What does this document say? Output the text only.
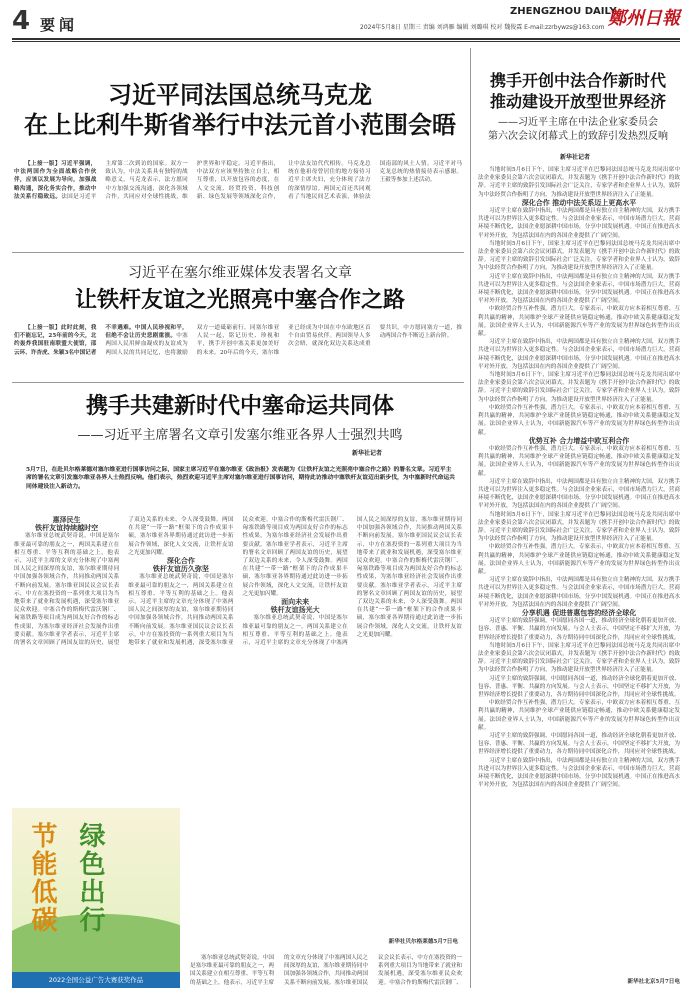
4 要闻
ZHENGZHOU DAILY
鄭州日報
2024年5月8日 星期三 责编 刘鸿雁 编辑 刘璐琪 校对 魏俊霖 E-mail:zzrbywzs@163.com
习近平同法国总统马克龙
在上比利牛斯省举行中法元首小范围会晤

【上接一版】习近平强调，中法两国作为全面战略合作伙伴，应该以发展为导向，加强战略沟通，深化务实合作，推动中法关系行稳致远。法国是习近平主席第二次到访的国家。双方一致认为，中法关系具有独特的战略意义。马克龙表示，法方愿同中方加强交流沟通，深化各领域合作，共同应对全球性挑战，维护世界和平稳定。习近平指出，中法双方应该坚持独立自主，相互尊重，以开放包容的态度，在人文交流、经贸投资、科技创新、绿色发展等领域深化合作，让中法友谊代代相传。马克龙总统在他祖母曾居住的地方接待习近平主席夫妇，充分体现了法方的深情厚谊。两国元首还共同观看了当地民间艺术表演，体验法国南部的风土人情。习近平对马克龙总统的热情接待表示感谢。王毅等参加上述活动。

习近平在塞尔维亚媒体发表署名文章
让铁杆友谊之光照亮中塞合作之路

【上接一版】此时此刻，我们不能忘记，25年前的今天，北约轰炸我国驻南联盟大使馆，邵云环、许杏虎、朱颖3名中国记者不幸遇难。中国人民珍视和平，但绝不会让历史悲剧重演。中塞两国人民用鲜血凝成的友谊成为两国人民的共同记忆，也将激励双方一道砥砺前行。同塞尔维亚人民一起，铭记历史、珍视和平，携手开创中塞关系更加美好的未来。20年后的今天，塞尔维亚已经成为中国在中东欧地区首个自由贸易伙伴。两国领导人多次会晤，就深化双边关系达成重要共识。中方愿同塞方一道，推动两国合作不断迈上新台阶。

携手共建新时代中塞命运共同体
——习近平主席署名文章引发塞尔维亚各界人士强烈共鸣
新华社记者
5月7日，在赴贝尔格莱德对塞尔维亚进行国事访问之际，国家主席习近平在塞尔维亚《政治报》发表题为《让铁杆友谊之光照亮中塞合作之路》的署名文章。习近平主席的署名文章引发塞尔维亚各界人士热烈反响。他们表示，热烈欢迎习近平主席对塞尔维亚进行国事访问，期待此访推动中塞铁杆友谊迈出新步伐，为中塞新时代命运共同体建设注入新动力。

惠泽民生
铁杆友谊持续越时空

塞尔维亚总统武契奇说，中国是塞尔维亚最可靠的朋友之一，两国关系建立在相互尊重、平等互利的基础之上。他表示，习近平主席的文章充分体现了中塞两国人民之间深厚的友谊，塞尔维亚期待同中国加强各领域合作，共同推动两国关系不断向前发展。塞尔维亚国民议会议长表示，中方在塞投资的一系列重大项目为当地带来了就业和发展机遇，深受塞尔维亚民众欢迎。中塞合作的斯梅代雷沃钢厂、匈塞铁路等项目成为两国友好合作的标志性成果，为塞尔维亚经济社会发展作出重要贡献。塞尔维亚学者表示，习近平主席的署名文章回顾了两国友谊的历史，展望了双边关系的未来，令人深受鼓舞。两国在共建“一带一路”框架下的合作成果丰硕，塞尔维亚各界期待通过此访进一步拓展合作领域，深化人文交流，让铁杆友谊之光更加闪耀。

深化合作
铁杆友谊历久弥坚

塞尔维亚总统武契奇说，中国是塞尔维亚最可靠的朋友之一，两国关系建立在相互尊重、平等互利的基础之上。他表示，习近平主席的文章充分体现了中塞两国人民之间深厚的友谊，塞尔维亚期待同中国加强各领域合作，共同推动两国关系不断向前发展。塞尔维亚国民议会议长表示，中方在塞投资的一系列重大项目为当地带来了就业和发展机遇，深受塞尔维亚民众欢迎。中塞合作的斯梅代雷沃钢厂、匈塞铁路等项目成为两国友好合作的标志性成果，为塞尔维亚经济社会发展作出重要贡献。塞尔维亚学者表示，习近平主席的署名文章回顾了两国友谊的历史，展望了双边关系的未来，令人深受鼓舞。两国在共建“一带一路”框架下的合作成果丰硕，塞尔维亚各界期待通过此访进一步拓展合作领域，深化人文交流，让铁杆友谊之光更加闪耀。

面向未来
铁杆友谊扬光大

塞尔维亚总统武契奇说，中国是塞尔维亚最可靠的朋友之一，两国关系建立在相互尊重、平等互利的基础之上。他表示，习近平主席的文章充分体现了中塞两国人民之间深厚的友谊，塞尔维亚期待同中国加强各领域合作，共同推动两国关系不断向前发展。塞尔维亚国民议会议长表示，中方在塞投资的一系列重大项目为当地带来了就业和发展机遇，深受塞尔维亚民众欢迎。中塞合作的斯梅代雷沃钢厂、匈塞铁路等项目成为两国友好合作的标志性成果，为塞尔维亚经济社会发展作出重要贡献。塞尔维亚学者表示，习近平主席的署名文章回顾了两国友谊的历史，展望了双边关系的未来，令人深受鼓舞。两国在共建“一带一路”框架下的合作成果丰硕，塞尔维亚各界期待通过此访进一步拓展合作领域，深化人文交流，让铁杆友谊之光更加闪耀。

新华社贝尔格莱德5月7日电

塞尔维亚总统武契奇说，中国是塞尔维亚最可靠的朋友之一，两国关系建立在相互尊重、平等互利的基础之上。他表示，习近平主席的文章充分体现了中塞两国人民之间深厚的友谊，塞尔维亚期待同中国加强各领域合作，共同推动两国关系不断向前发展。塞尔维亚国民议会议长表示，中方在塞投资的一系列重大项目为当地带来了就业和发展机遇，深受塞尔维亚民众欢迎。中塞合作的斯梅代雷沃钢厂、

节能低碳 绿色出行
2022全国公益广告大赛获奖作品
携手开创中法合作新时代
推动建设开放型世界经济
——习近平主席在中法企业家委员会
第六次会议闭幕式上的致辞引发热烈反响
新华社记者

当地时间5月6日下午，国家主席习近平在巴黎同法国总统马克龙共同出席中法企业家委员会第六次会议闭幕式，并发表题为《携手开创中法合作新时代》的致辞。习近平主席的致辞引发国际社会广泛关注，专家学者和企业界人士认为，致辞为中法经贸合作指明了方向，为推动建设开放型世界经济注入了正能量。

深化合作 推动中法关系迈上更高水平

习近平主席在致辞中指出，中法两国都是具有独立自主精神的大国，双方携手共进可以为世界注入更多稳定性。与会法国企业家表示，中国市场潜力巨大，营商环境不断优化，法国企业愿深耕中国市场，分享中国发展机遇。中国正在推进高水平对外开放，为包括法国在内的各国企业提供了广阔空间。

当地时间5月6日下午，国家主席习近平在巴黎同法国总统马克龙共同出席中法企业家委员会第六次会议闭幕式，并发表题为《携手开创中法合作新时代》的致辞。习近平主席的致辞引发国际社会广泛关注，专家学者和企业界人士认为，致辞为中法经贸合作指明了方向，为推动建设开放型世界经济注入了正能量。

习近平主席在致辞中指出，中法两国都是具有独立自主精神的大国，双方携手共进可以为世界注入更多稳定性。与会法国企业家表示，中国市场潜力巨大，营商环境不断优化，法国企业愿深耕中国市场，分享中国发展机遇。中国正在推进高水平对外开放，为包括法国在内的各国企业提供了广阔空间。

中欧经贸合作互补性强，潜力巨大。专家表示，中欧双方应本着相互尊重、互利共赢的精神，共同维护全球产业链供应链稳定畅通，推动中欧关系健康稳定发展。法国企业界人士认为，中国新能源汽车等产业的发展为世界绿色转型作出贡献。

习近平主席在致辞中指出，中法两国都是具有独立自主精神的大国，双方携手共进可以为世界注入更多稳定性。与会法国企业家表示，中国市场潜力巨大，营商环境不断优化，法国企业愿深耕中国市场，分享中国发展机遇。中国正在推进高水平对外开放，为包括法国在内的各国企业提供了广阔空间。

当地时间5月6日下午，国家主席习近平在巴黎同法国总统马克龙共同出席中法企业家委员会第六次会议闭幕式，并发表题为《携手开创中法合作新时代》的致辞。习近平主席的致辞引发国际社会广泛关注，专家学者和企业界人士认为，致辞为中法经贸合作指明了方向，为推动建设开放型世界经济注入了正能量。

中欧经贸合作互补性强，潜力巨大。专家表示，中欧双方应本着相互尊重、互利共赢的精神，共同维护全球产业链供应链稳定畅通，推动中欧关系健康稳定发展。法国企业界人士认为，中国新能源汽车等产业的发展为世界绿色转型作出贡献。

优势互补 合力增益中欧互利合作

中欧经贸合作互补性强，潜力巨大。专家表示，中欧双方应本着相互尊重、互利共赢的精神，共同维护全球产业链供应链稳定畅通，推动中欧关系健康稳定发展。法国企业界人士认为，中国新能源汽车等产业的发展为世界绿色转型作出贡献。

习近平主席在致辞中指出，中法两国都是具有独立自主精神的大国，双方携手共进可以为世界注入更多稳定性。与会法国企业家表示，中国市场潜力巨大，营商环境不断优化，法国企业愿深耕中国市场，分享中国发展机遇。中国正在推进高水平对外开放，为包括法国在内的各国企业提供了广阔空间。

当地时间5月6日下午，国家主席习近平在巴黎同法国总统马克龙共同出席中法企业家委员会第六次会议闭幕式，并发表题为《携手开创中法合作新时代》的致辞。习近平主席的致辞引发国际社会广泛关注，专家学者和企业界人士认为，致辞为中法经贸合作指明了方向，为推动建设开放型世界经济注入了正能量。

中欧经贸合作互补性强，潜力巨大。专家表示，中欧双方应本着相互尊重、互利共赢的精神，共同维护全球产业链供应链稳定畅通，推动中欧关系健康稳定发展。法国企业界人士认为，中国新能源汽车等产业的发展为世界绿色转型作出贡献。

习近平主席在致辞中指出，中法两国都是具有独立自主精神的大国，双方携手共进可以为世界注入更多稳定性。与会法国企业家表示，中国市场潜力巨大，营商环境不断优化，法国企业愿深耕中国市场，分享中国发展机遇。中国正在推进高水平对外开放，为包括法国在内的各国企业提供了广阔空间。

分享机遇 促进普惠包容的经济全球化

习近平主席的致辞强调，中国愿同各国一道，推动经济全球化朝着更加开放、包容、普惠、平衡、共赢的方向发展。与会人士表示，中国坚定不移扩大开放，为世界经济增长提供了重要动力，各方期待同中国深化合作，共同应对全球性挑战。

当地时间5月6日下午，国家主席习近平在巴黎同法国总统马克龙共同出席中法企业家委员会第六次会议闭幕式，并发表题为《携手开创中法合作新时代》的致辞。习近平主席的致辞引发国际社会广泛关注，专家学者和企业界人士认为，致辞为中法经贸合作指明了方向，为推动建设开放型世界经济注入了正能量。

习近平主席的致辞强调，中国愿同各国一道，推动经济全球化朝着更加开放、包容、普惠、平衡、共赢的方向发展。与会人士表示，中国坚定不移扩大开放，为世界经济增长提供了重要动力，各方期待同中国深化合作，共同应对全球性挑战。

中欧经贸合作互补性强，潜力巨大。专家表示，中欧双方应本着相互尊重、互利共赢的精神，共同维护全球产业链供应链稳定畅通，推动中欧关系健康稳定发展。法国企业界人士认为，中国新能源汽车等产业的发展为世界绿色转型作出贡献。

习近平主席的致辞强调，中国愿同各国一道，推动经济全球化朝着更加开放、包容、普惠、平衡、共赢的方向发展。与会人士表示，中国坚定不移扩大开放，为世界经济增长提供了重要动力，各方期待同中国深化合作，共同应对全球性挑战。

习近平主席在致辞中指出，中法两国都是具有独立自主精神的大国，双方携手共进可以为世界注入更多稳定性。与会法国企业家表示，中国市场潜力巨大，营商环境不断优化，法国企业愿深耕中国市场，分享中国发展机遇。中国正在推进高水平对外开放，为包括法国在内的各国企业提供了广阔空间。

新华社北京5月7日电
